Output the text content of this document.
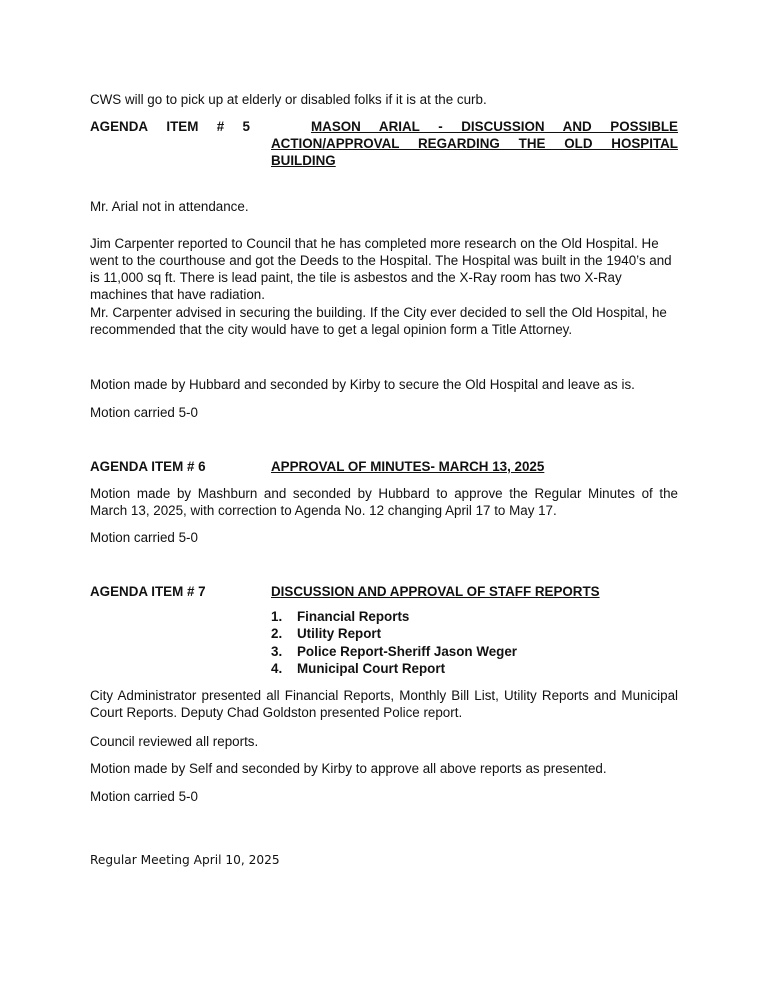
CWS will go to pick up at elderly or disabled folks if it is at the curb.

AGENDA ITEM # 5	MASON ARIAL - DISCUSSION AND POSSIBLE
ACTION/APPROVAL REGARDING THE OLD HOSPITAL
BUILDING

Mr. Arial not in attendance.

Jim Carpenter reported to Council that he has completed more research on the Old Hospital. He went to the courthouse and got the Deeds to the Hospital. The Hospital was built in the 1940’s and is 11,000 sq ft. There is lead paint, the tile is asbestos and the X-Ray room has two X-Ray machines that have radiation.

Mr. Carpenter advised in securing the building. If the City ever decided to sell the Old Hospital, he recommended that the city would have to get a legal opinion form a Title Attorney.

Motion made by Hubbard and seconded by Kirby to secure the Old Hospital and leave as is.

Motion carried 5-0

AGENDA ITEM # 6	APPROVAL OF MINUTES- MARCH 13, 2025

Motion made by Mashburn and seconded by Hubbard to approve the Regular Minutes of the March 13, 2025, with correction to Agenda No. 12 changing April 17 to May 17.

Motion carried 5-0

AGENDA ITEM # 7	DISCUSSION AND APPROVAL OF STAFF REPORTS

1.	Financial Reports
2.	Utility Report
3.	Police Report-Sheriff Jason Weger
4.	Municipal Court Report

City Administrator presented all Financial Reports, Monthly Bill List, Utility Reports and Municipal Court Reports. Deputy Chad Goldston presented Police report.

Council reviewed all reports.

Motion made by Self and seconded by Kirby to approve all above reports as presented.

Motion carried 5-0

Regular Meeting April 10, 2025
